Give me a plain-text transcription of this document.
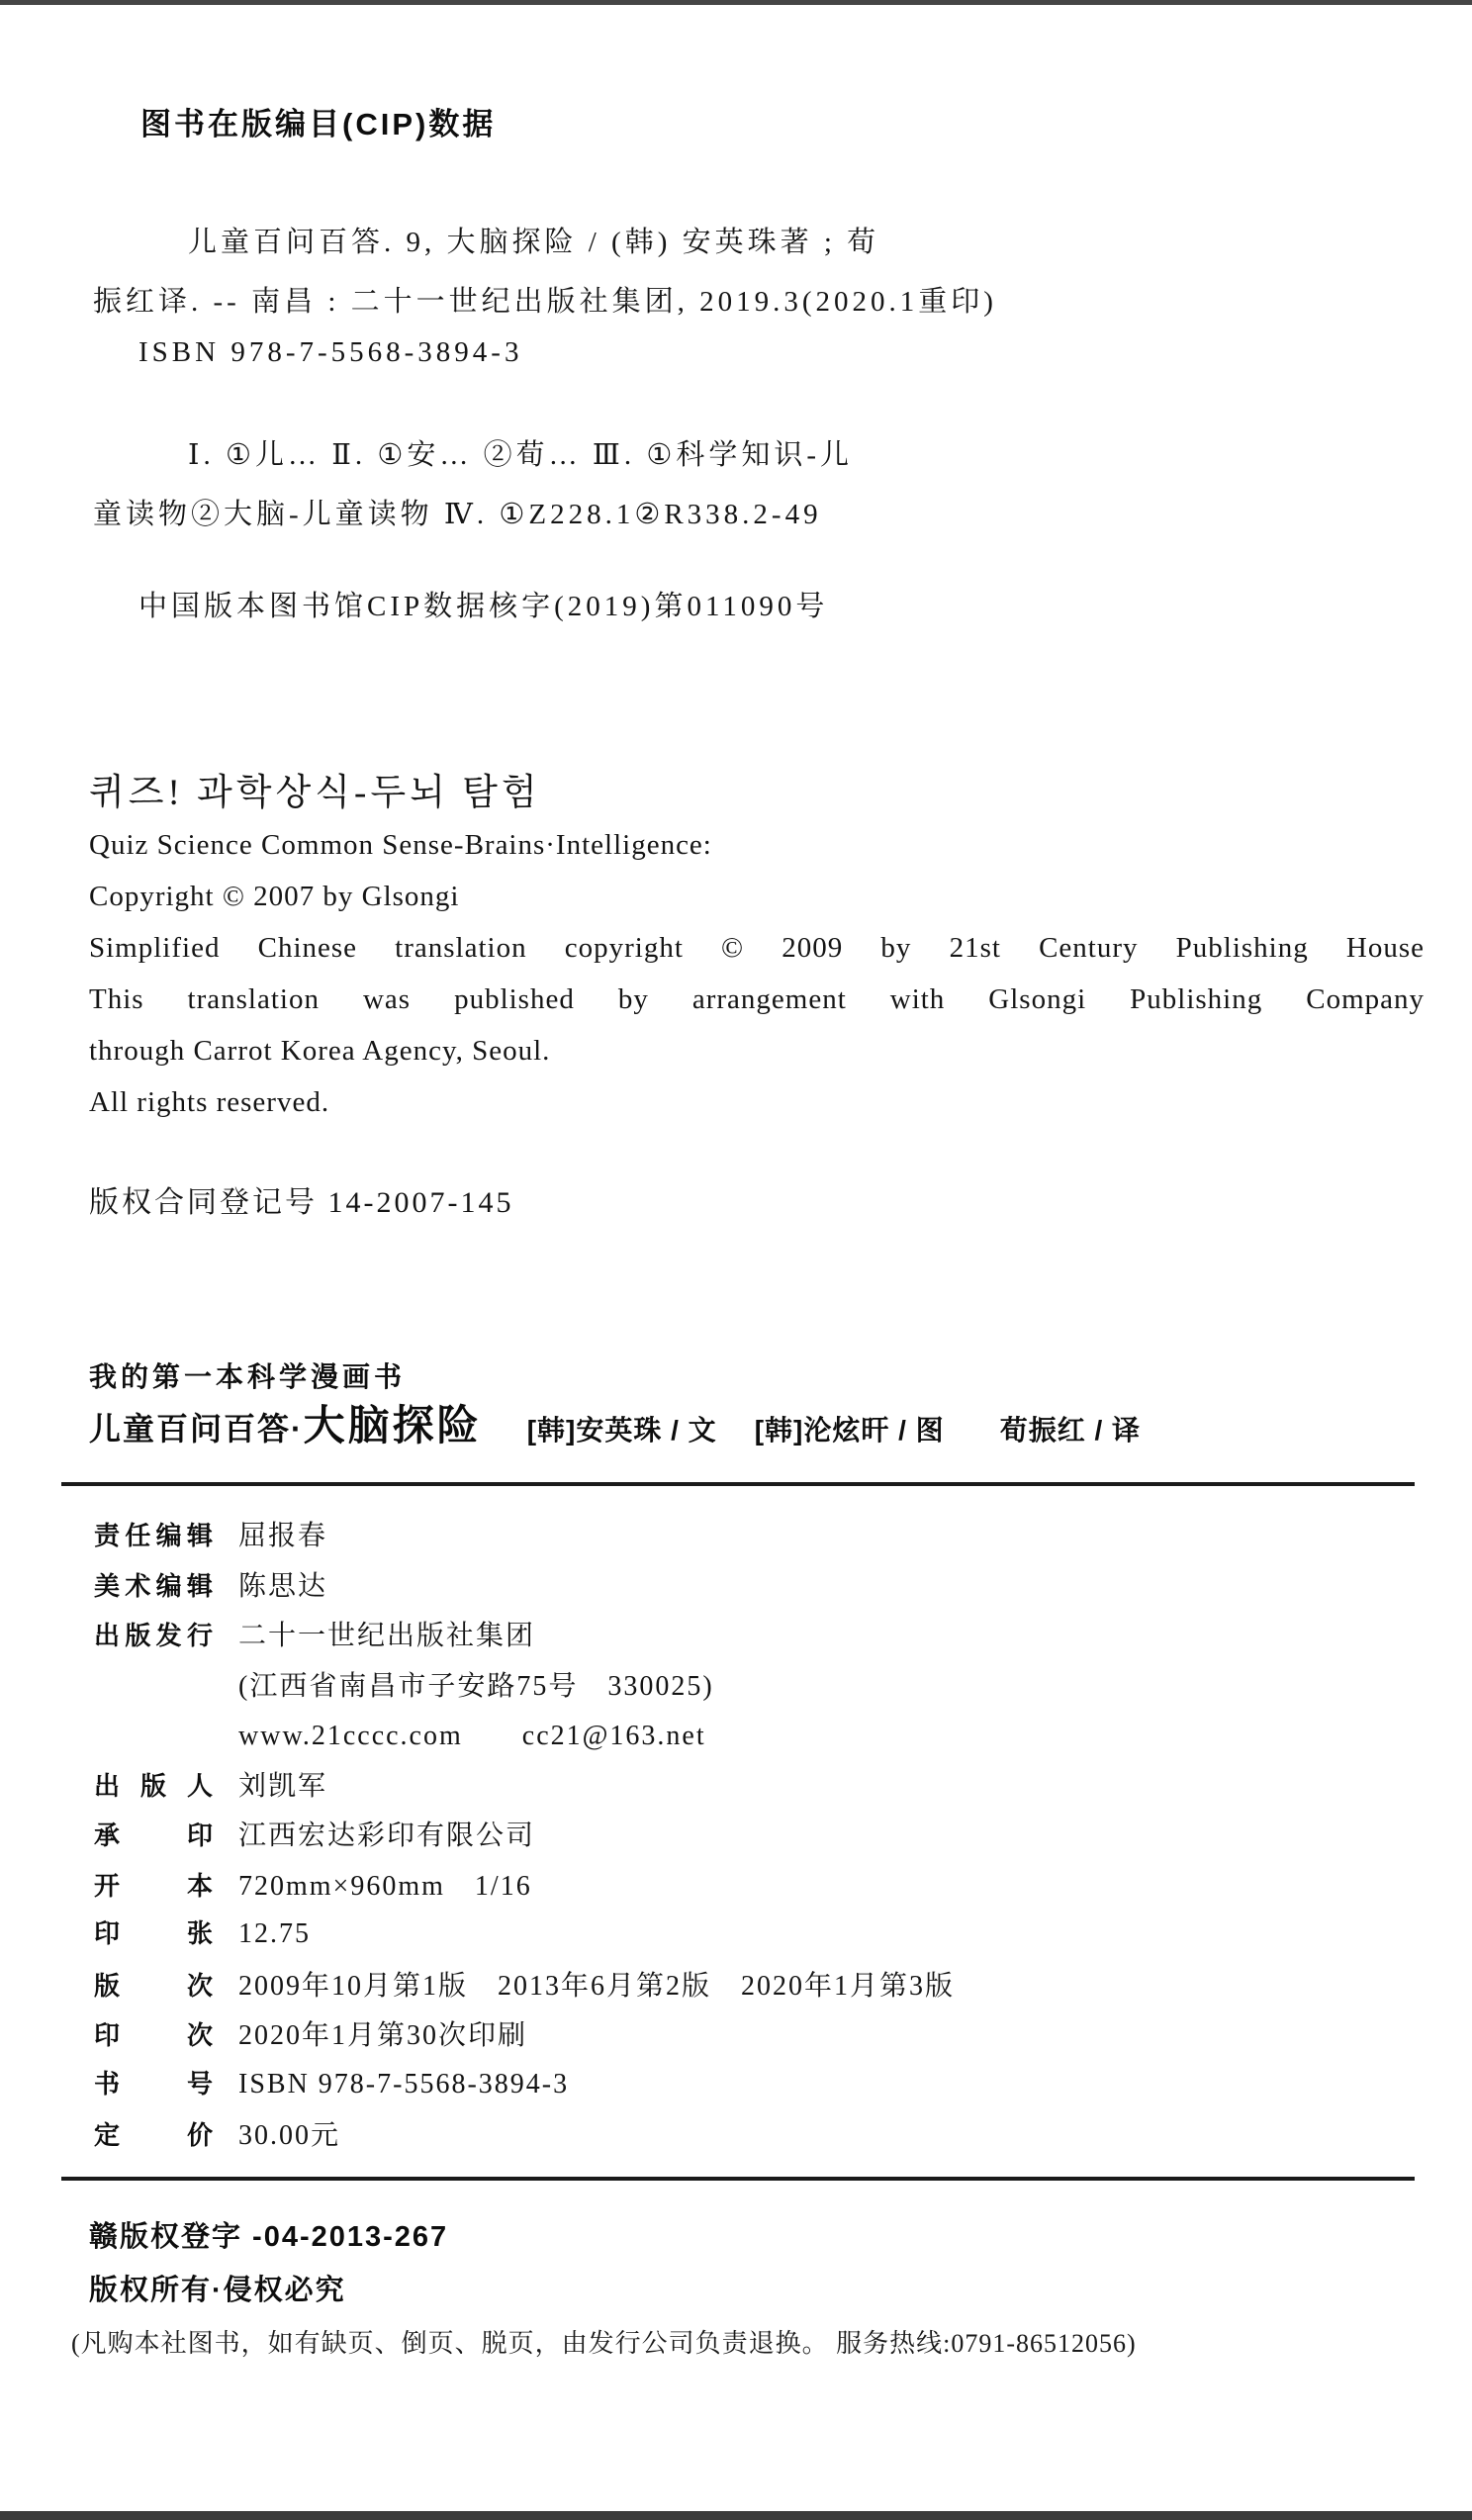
图书在版编目(CIP)数据
儿童百问百答. 9, 大脑探险 / (韩) 安英珠著 ; 荀
振红译. -- 南昌 : 二十一世纪出版社集团, 2019.3(2020.1重印)
ISBN 978-7-5568-3894-3
Ⅰ. ①儿… Ⅱ. ①安… ②荀… Ⅲ. ①科学知识-儿
童读物②大脑-儿童读物 Ⅳ. ①Z228.1②R338.2-49
中国版本图书馆CIP数据核字(2019)第011090号
퀴즈! 과학상식-두뇌 탐험
Quiz Science Common Sense-Brains·Intelligence:
Copyright © 2007 by Glsongi
Simplified Chinese translation copyright © 2009 by 21st Century Publishing House
This translation was published by arrangement with Glsongi Publishing Company
through Carrot Korea Agency, Seoul.
All rights reserved.
版权合同登记号 14-2007-145
我的第一本科学漫画书
儿童百问百答· 大脑探险 [韩]安英珠 / 文 [韩]沦炫旰 / 图 荀振红 / 译
责任编辑 屈报春
美术编辑 陈思达
出版发行 二十一世纪出版社集团
(江西省南昌市子安路75号　330025)
www.21cccc.com　　cc21@163.net
出版人 刘凯军
承印 江西宏达彩印有限公司
开本 720mm×960mm　1/16
印张 12.75
版次 2009年10月第1版　2013年6月第2版　2020年1月第3版
印次 2020年1月第30次印刷
书号 ISBN 978-7-5568-3894-3
定价 30.00元
赣版权登字 -04-2013-267
版权所有·侵权必究
(凡购本社图书，如有缺页、倒页、脱页，由发行公司负责退换。 服务热线:0791-86512056)
